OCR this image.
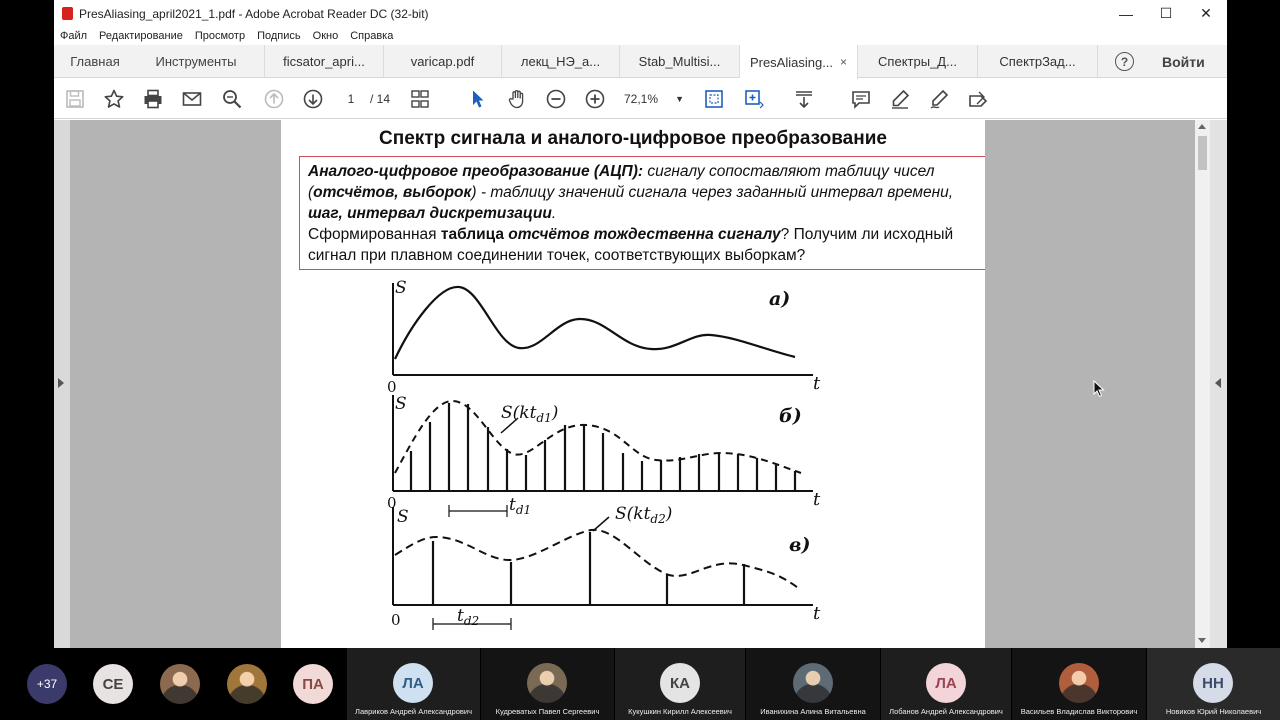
PresAliasing_april2021_1.pdf - Adobe Acrobat Reader DC (32-bit)	—	☐	✕
Файл Редактирование Просмотр Подпись Окно Справка
Главная	Инструменты	ficsator_apri...	varicap.pdf	лекц_НЭ_а...	Stab_Multisi...	PresAliasing... ×	Спектры_Д...	СпектрЗад...	?	Войти
1	/ 14	72,1% ▼
Спектр сигнала и аналого-цифровое преобразование
Аналого-цифровое преобразование (АЦП): сигналу сопоставляют таблицу чисел (отсчётов, выборок) - таблицу значений сигнала через заданный интервал времени, шаг, интервал дискретизации.
Сформированная таблица отсчётов тождественна сигналу? Получим ли исходный сигнал при плавном соединении точек, соответствующих выборкам?
S	а)
0	t
S
б)
0	t
$S(kt_{d1})$
$t_{d1}$
S
в)
0	t
$S(kt_{d2})$
$t_{d2}$
+37	СЕ	ПА	ЛА
Лавриков Андрей Александрович	Кудреватых Павел Сергеевич
КА
Кукушкин Кирилл Алексеевич	Иванихина Алина Витальевна
ЛА
Лобанов Андрей Александрович	Васильев Владислав Викторович
НН
Новиков Юрий Николаевич
